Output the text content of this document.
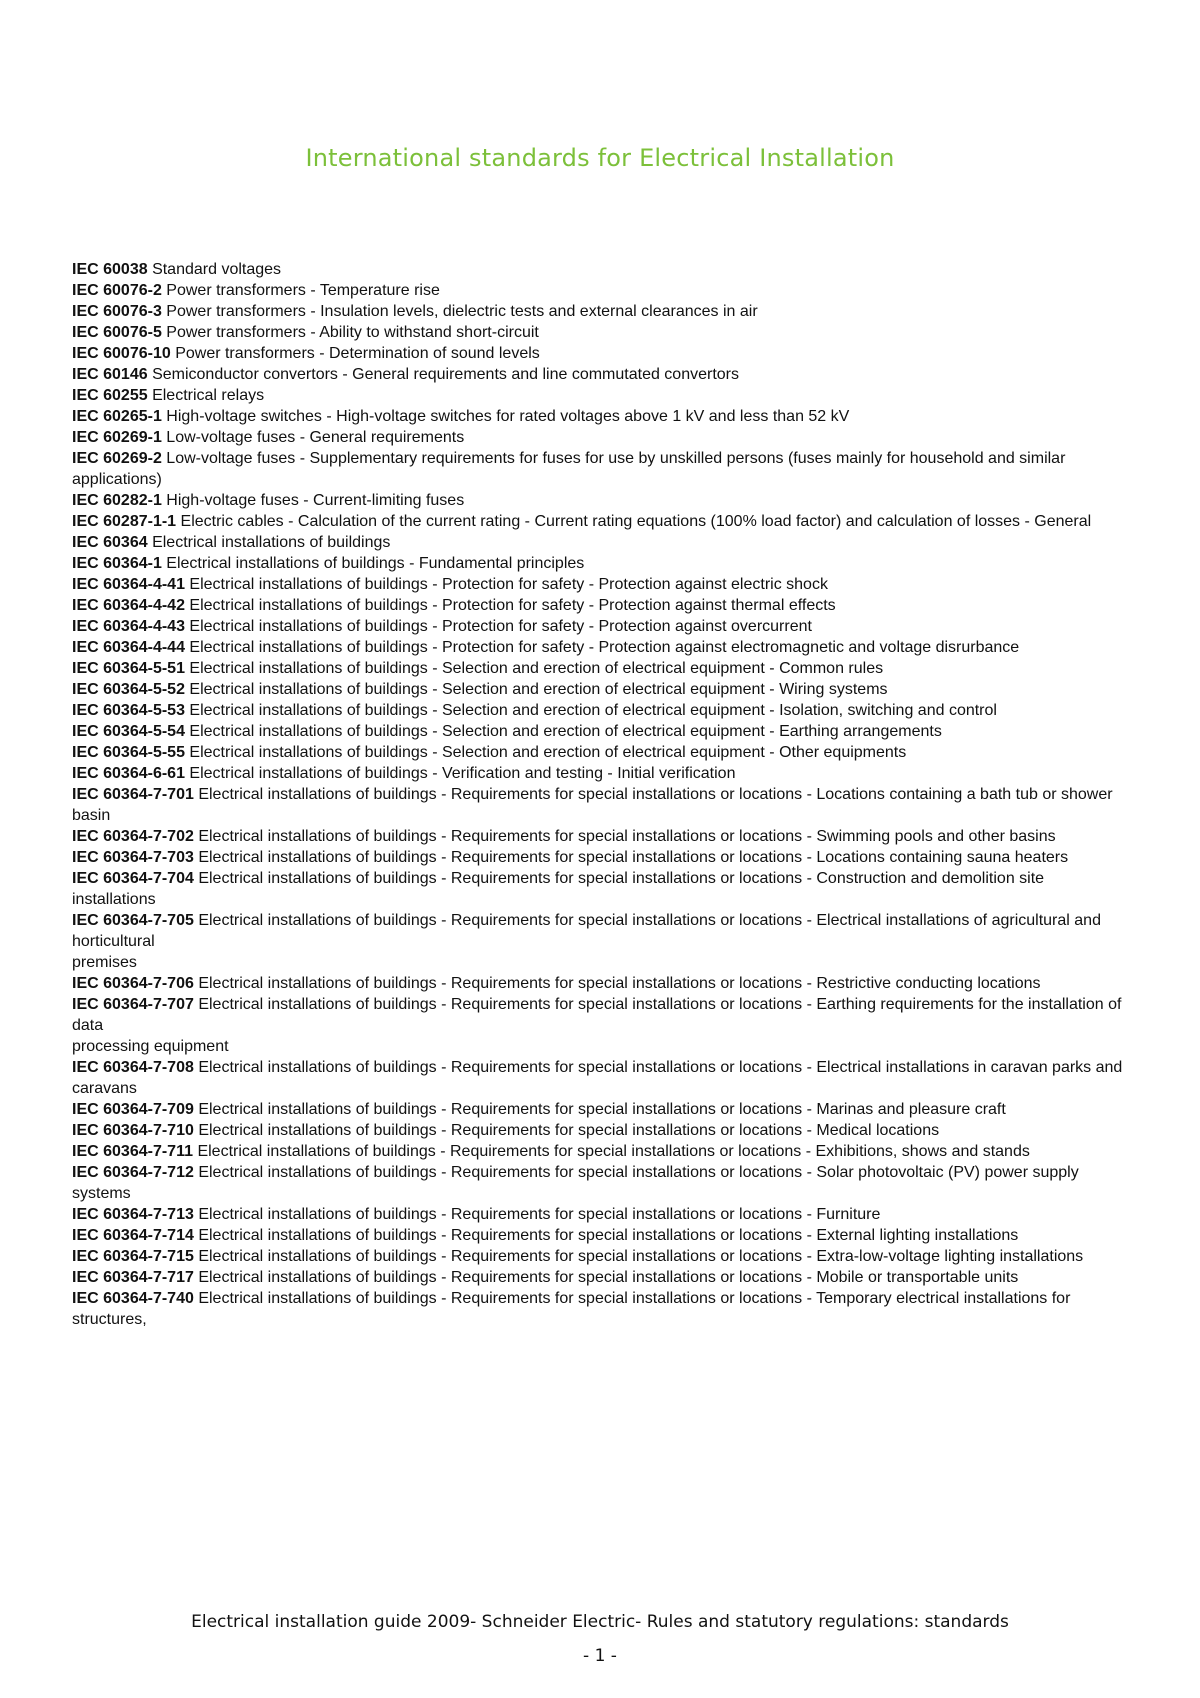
International standards for Electrical Installation
IEC 60038 Standard voltages
IEC 60076-2 Power transformers - Temperature rise
IEC 60076-3 Power transformers - Insulation levels, dielectric tests and external clearances in air
IEC 60076-5 Power transformers - Ability to withstand short-circuit
IEC 60076-10 Power transformers - Determination of sound levels
IEC 60146 Semiconductor convertors - General requirements and line commutated convertors
IEC 60255 Electrical relays
IEC 60265-1 High-voltage switches - High-voltage switches for rated voltages above 1 kV and less than 52 kV
IEC 60269-1 Low-voltage fuses - General requirements
IEC 60269-2 Low-voltage fuses - Supplementary requirements for fuses for use by unskilled persons (fuses mainly for household and similar applications)
IEC 60282-1 High-voltage fuses - Current-limiting fuses
IEC 60287-1-1 Electric cables - Calculation of the current rating - Current rating equations (100% load factor) and calculation of losses - General
IEC 60364 Electrical installations of buildings
IEC 60364-1 Electrical installations of buildings - Fundamental principles
IEC 60364-4-41 Electrical installations of buildings - Protection for safety - Protection against electric shock
IEC 60364-4-42 Electrical installations of buildings - Protection for safety - Protection against thermal effects
IEC 60364-4-43 Electrical installations of buildings - Protection for safety - Protection against overcurrent
IEC 60364-4-44 Electrical installations of buildings - Protection for safety - Protection against electromagnetic and voltage disrurbance
IEC 60364-5-51 Electrical installations of buildings - Selection and erection of electrical equipment - Common rules
IEC 60364-5-52 Electrical installations of buildings - Selection and erection of electrical equipment - Wiring systems
IEC 60364-5-53 Electrical installations of buildings - Selection and erection of electrical equipment - Isolation, switching and control
IEC 60364-5-54 Electrical installations of buildings - Selection and erection of electrical equipment - Earthing arrangements
IEC 60364-5-55 Electrical installations of buildings - Selection and erection of electrical equipment - Other equipments
IEC 60364-6-61 Electrical installations of buildings - Verification and testing - Initial verification
IEC 60364-7-701 Electrical installations of buildings - Requirements for special installations or locations - Locations containing a bath tub or shower basin
IEC 60364-7-702 Electrical installations of buildings - Requirements for special installations or locations - Swimming pools and other basins
IEC 60364-7-703 Electrical installations of buildings - Requirements for special installations or locations - Locations containing sauna heaters
IEC 60364-7-704 Electrical installations of buildings - Requirements for special installations or locations - Construction and demolition site installations
IEC 60364-7-705 Electrical installations of buildings - Requirements for special installations or locations - Electrical installations of agricultural and horticultural
premises
IEC 60364-7-706 Electrical installations of buildings - Requirements for special installations or locations - Restrictive conducting locations
IEC 60364-7-707 Electrical installations of buildings - Requirements for special installations or locations - Earthing requirements for the installation of data
processing equipment
IEC 60364-7-708 Electrical installations of buildings - Requirements for special installations or locations - Electrical installations in caravan parks and caravans
IEC 60364-7-709 Electrical installations of buildings - Requirements for special installations or locations - Marinas and pleasure craft
IEC 60364-7-710 Electrical installations of buildings - Requirements for special installations or locations - Medical locations
IEC 60364-7-711 Electrical installations of buildings - Requirements for special installations or locations - Exhibitions, shows and stands
IEC 60364-7-712 Electrical installations of buildings - Requirements for special installations or locations - Solar photovoltaic (PV) power supply systems
IEC 60364-7-713 Electrical installations of buildings - Requirements for special installations or locations - Furniture
IEC 60364-7-714 Electrical installations of buildings - Requirements for special installations or locations - External lighting installations
IEC 60364-7-715 Electrical installations of buildings - Requirements for special installations or locations - Extra-low-voltage lighting installations
IEC 60364-7-717 Electrical installations of buildings - Requirements for special installations or locations - Mobile or transportable units
IEC 60364-7-740 Electrical installations of buildings - Requirements for special installations or locations - Temporary electrical installations for structures,
Electrical installation guide 2009- Schneider Electric- Rules and statutory regulations: standards
- 1 -
